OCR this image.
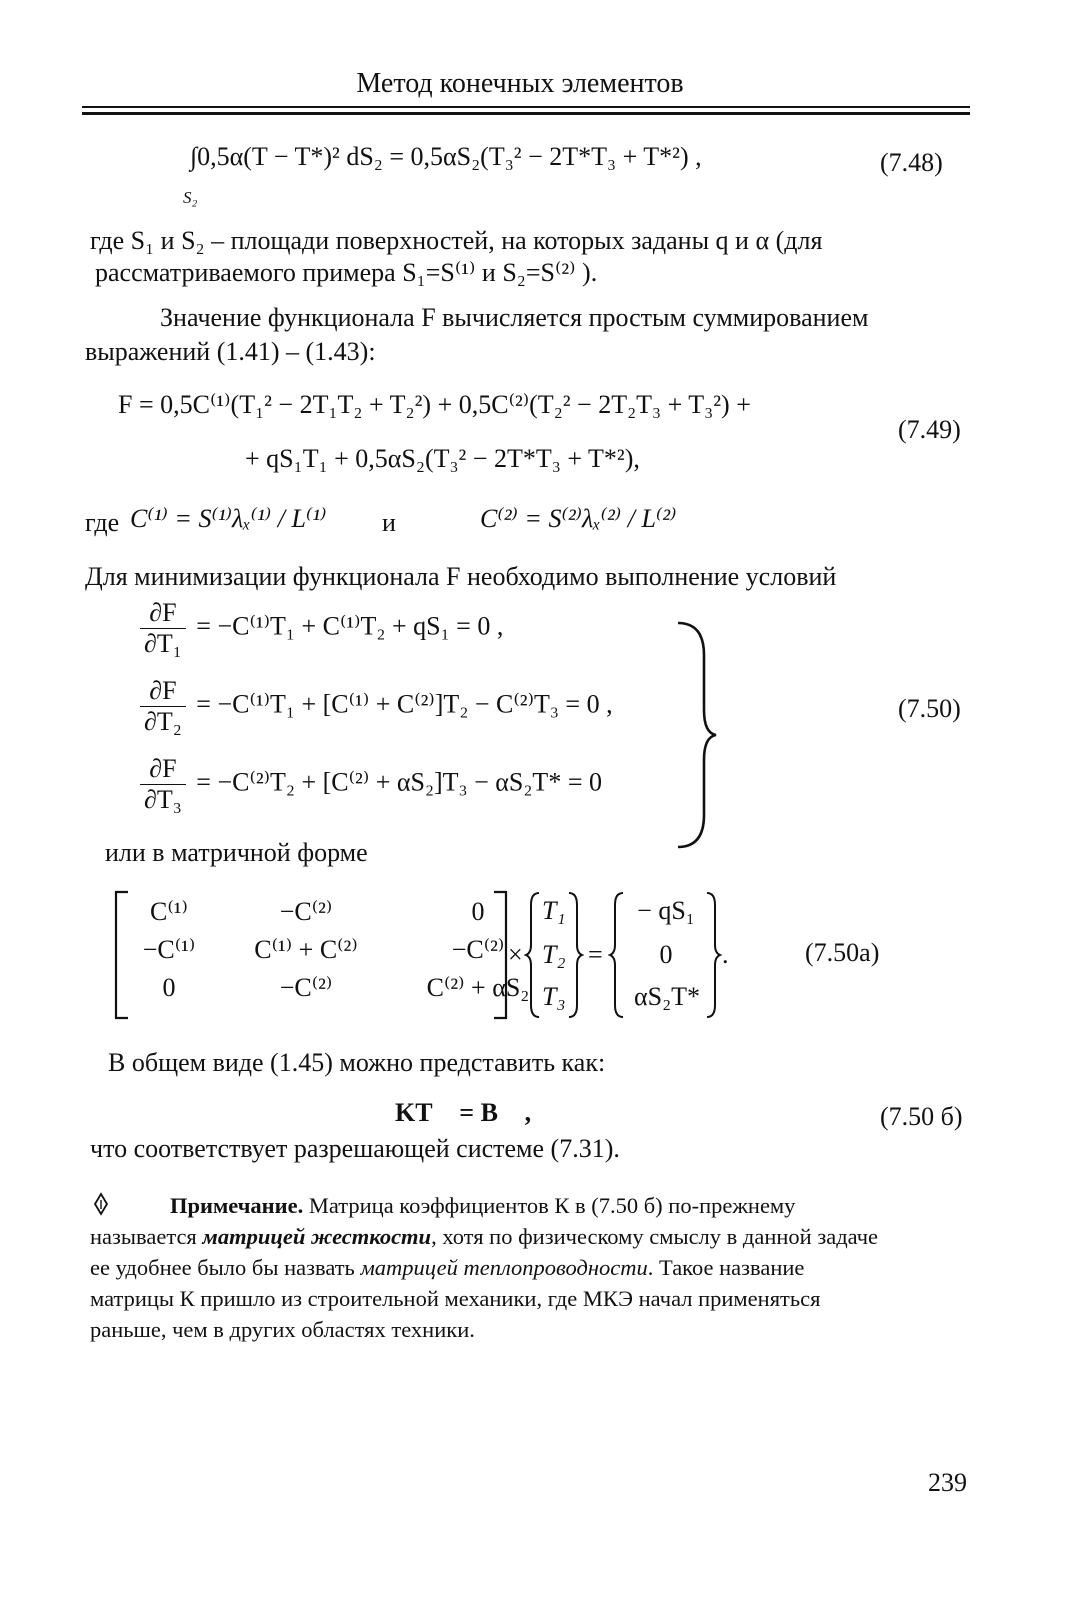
Метод конечных элементов
∫0,5α(T − T*)² dS₂ = 0,5αS₂(T₃² − 2T*T₃ + T*²) ,
S₂
(7.48)
где S₁ и S₂ – площади поверхностей, на которых заданы q и α (для
рассматриваемого примера S₁=S⁽¹⁾ и S₂=S⁽²⁾ ).
Значение функционала F вычисляется простым суммированием
выражений (1.41) – (1.43):
F = 0,5C⁽¹⁾(T₁² − 2T₁T₂ + T₂²) + 0,5C⁽²⁾(T₂² − 2T₂T₃ + T₃²) +
+ qS₁T₁ + 0,5αS₂(T₃² − 2T*T₃ + T*²),
(7.49)
где C⁽¹⁾ = S⁽¹⁾λₓ⁽¹⁾ / L⁽¹⁾ и	C⁽²⁾ = S⁽²⁾λₓ⁽²⁾ / L⁽²⁾
Для минимизации функционала F необходимо выполнение условий
$\frac{\partial F}{\text{∂T₁}} = -C^{(1)}T_1 + C^{(1)}T_2 + qS_1 = 0$ ,
$\frac{\partial F}{\text{∂T₂}} = -C^{(1)}T_1 + [C^{(1)} + C^{(2)}]T_2 - C^{(2)}T_3 = 0$ ,
$\frac{\partial F}{\text{∂T₃}} = -C^{(2)}T_2 + [C^{(2)} + \alpha S_2]T_3 - \alpha S_2T* = 0$
(7.50)
или в матричной форме
C⁽¹⁾	−C⁽²⁾	0
−C⁽¹⁾	C⁽¹⁾ + C⁽²⁾	−C⁽²⁾
0	−C⁽²⁾	C⁽²⁾ + αS₂
×
T₁
T₂
T₃
=
− qS₁
0
αS₂T*
.	(7.50a)
В общем виде (1.45) можно представить как:
KT⃗ = B⃗ ,	(7.50 б)
что соответствует разрешающей системе (7.31).
Примечание. Матрица коэффициентов К в (7.50 б) по-прежнему
называется матрицей жесткости, хотя по физическому смыслу в данной задаче
ее удобнее было бы назвать матрицей теплопроводности. Такое название
матрицы К пришло из строительной механики, где МКЭ начал применяться
раньше, чем в других областях техники.
239
